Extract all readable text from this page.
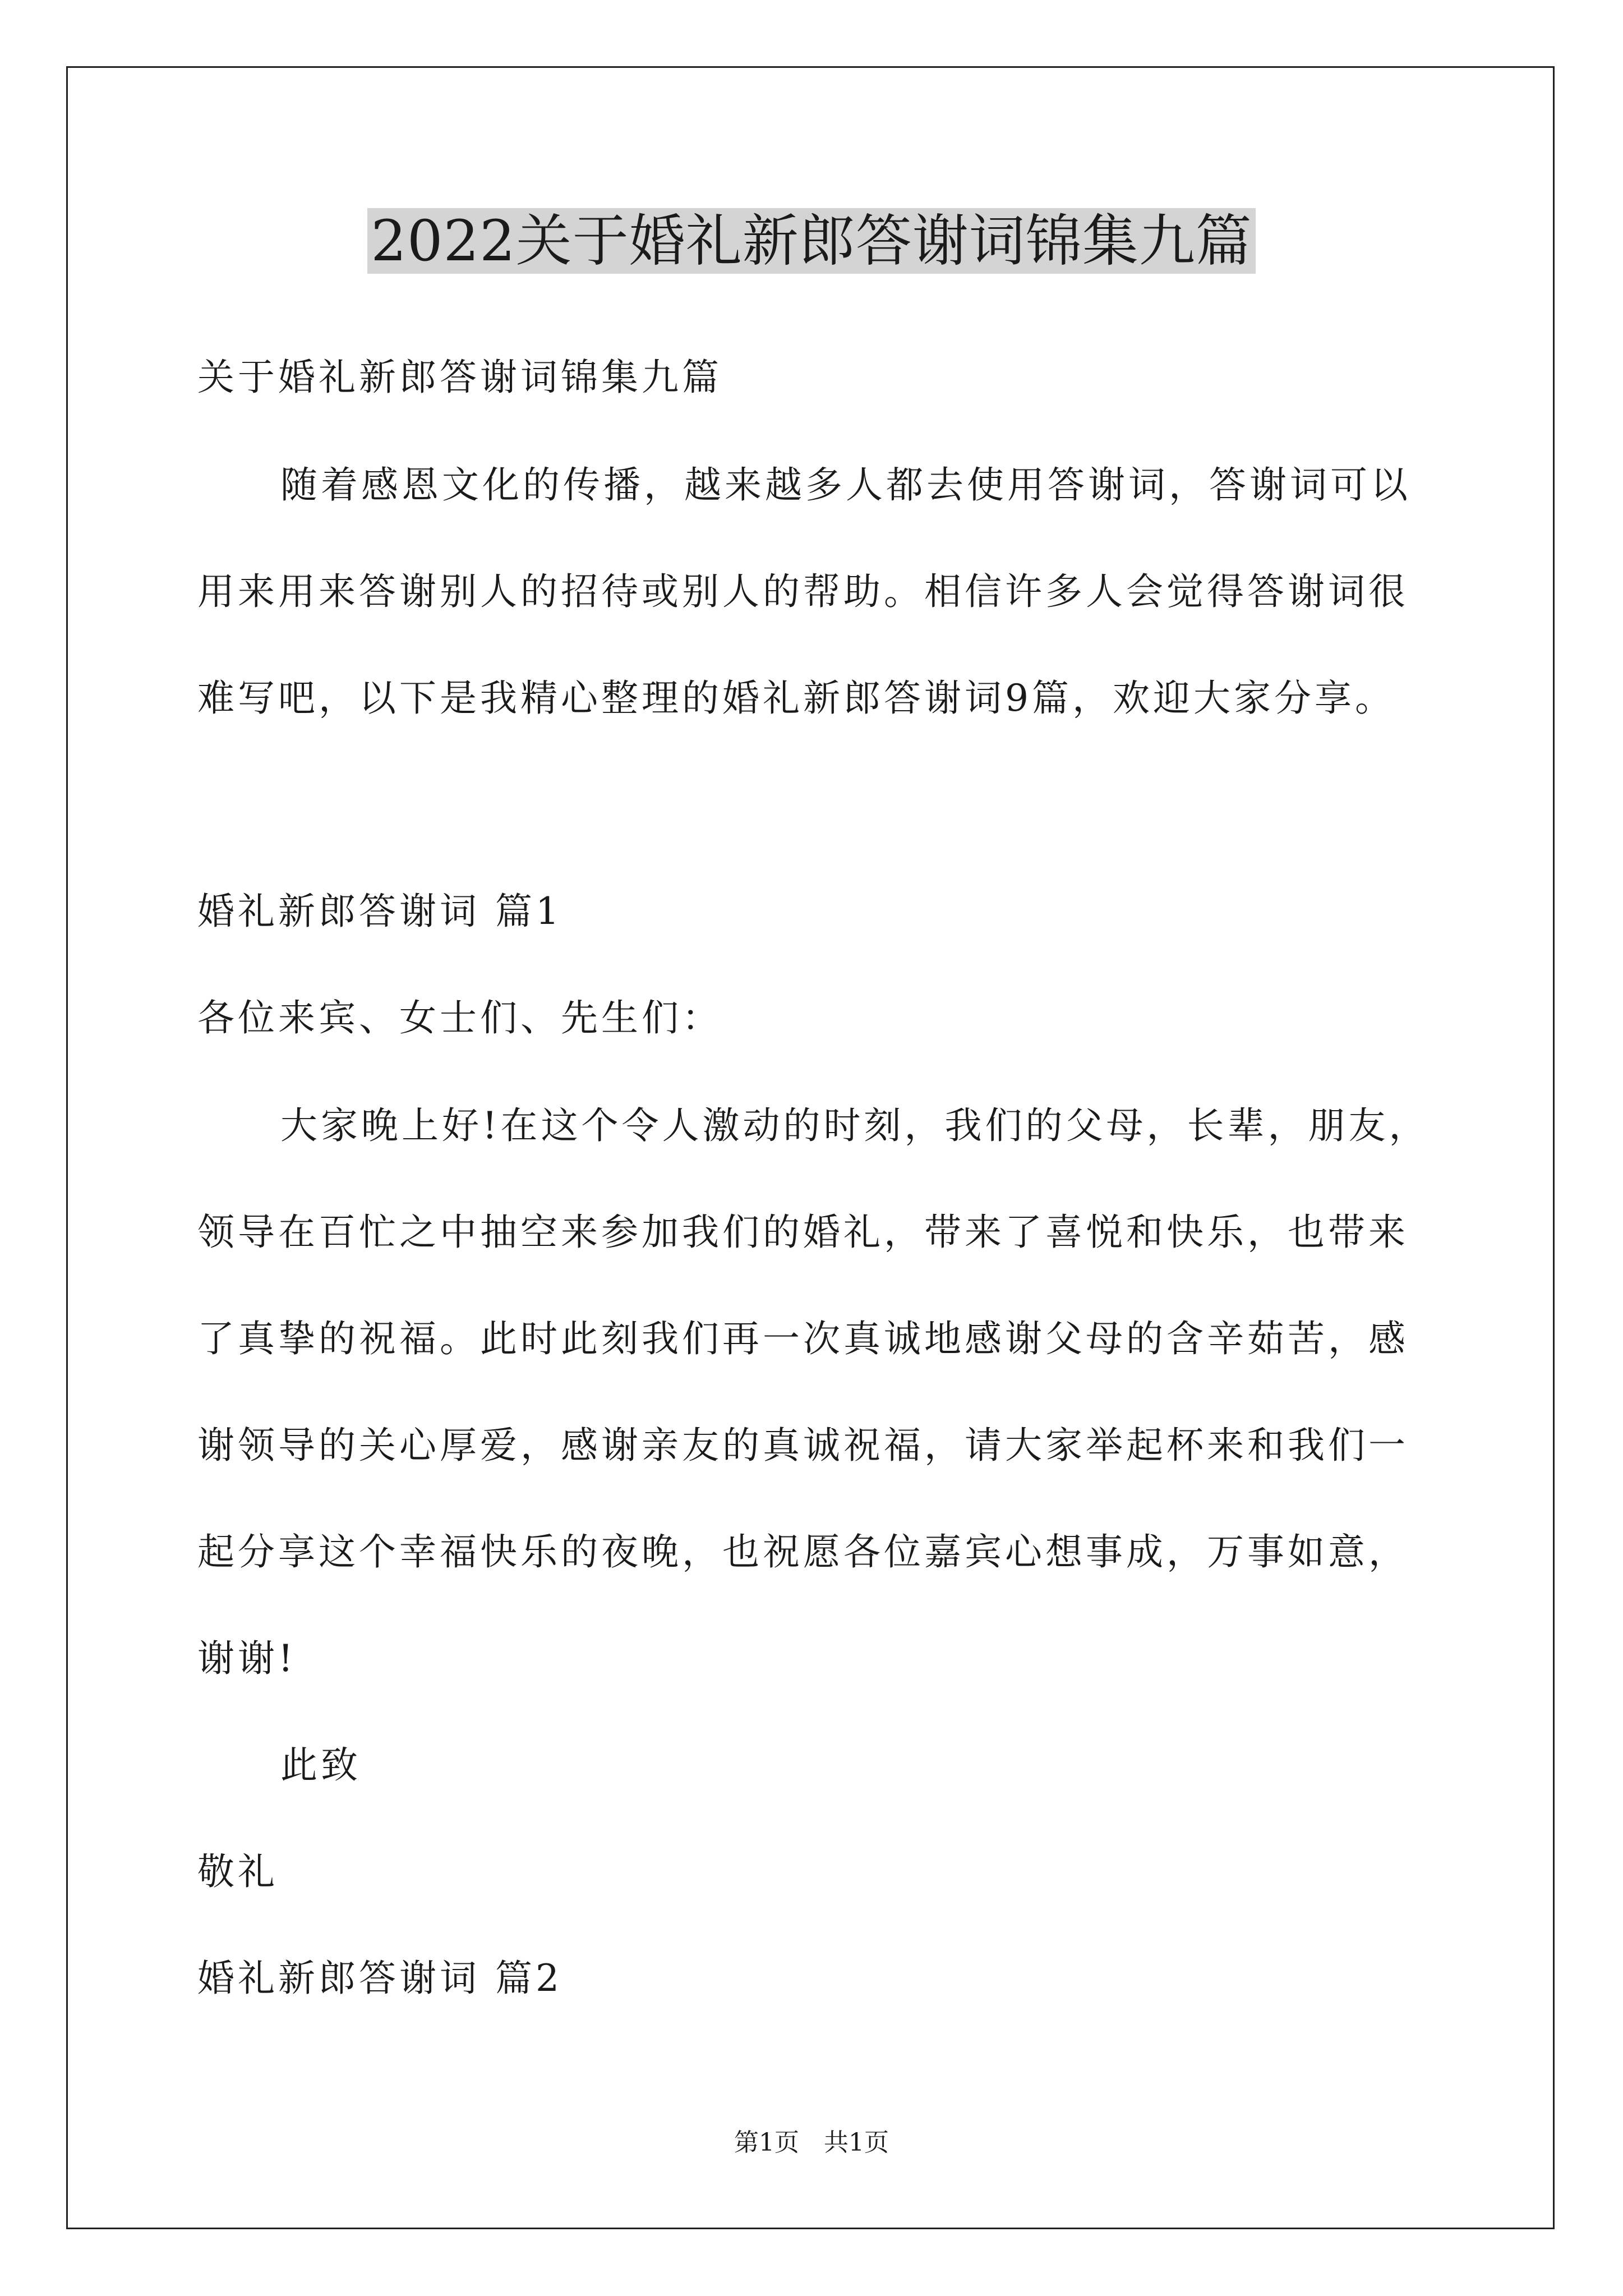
2022关于婚礼新郎答谢词锦集九篇
关于婚礼新郎答谢词锦集九篇
随着感恩文化的传播，越来越多人都去使用答谢词，答谢词可以
用来用来答谢别人的招待或别人的帮助。相信许多人会觉得答谢词很
难写吧，以下是我精心整理的婚礼新郎答谢词9篇，欢迎大家分享。
婚礼新郎答谢词 篇1
各位来宾、女士们、先生们：
大家晚上好!在这个令人激动的时刻，我们的父母，长辈，朋友，
领导在百忙之中抽空来参加我们的婚礼，带来了喜悦和快乐，也带来
了真挚的祝福。此时此刻我们再一次真诚地感谢父母的含辛茹苦，感
谢领导的关心厚爱，感谢亲友的真诚祝福，请大家举起杯来和我们一
起分享这个幸福快乐的夜晚，也祝愿各位嘉宾心想事成，万事如意，
谢谢!
此致
敬礼
婚礼新郎答谢词 篇2
第1页　共1页
